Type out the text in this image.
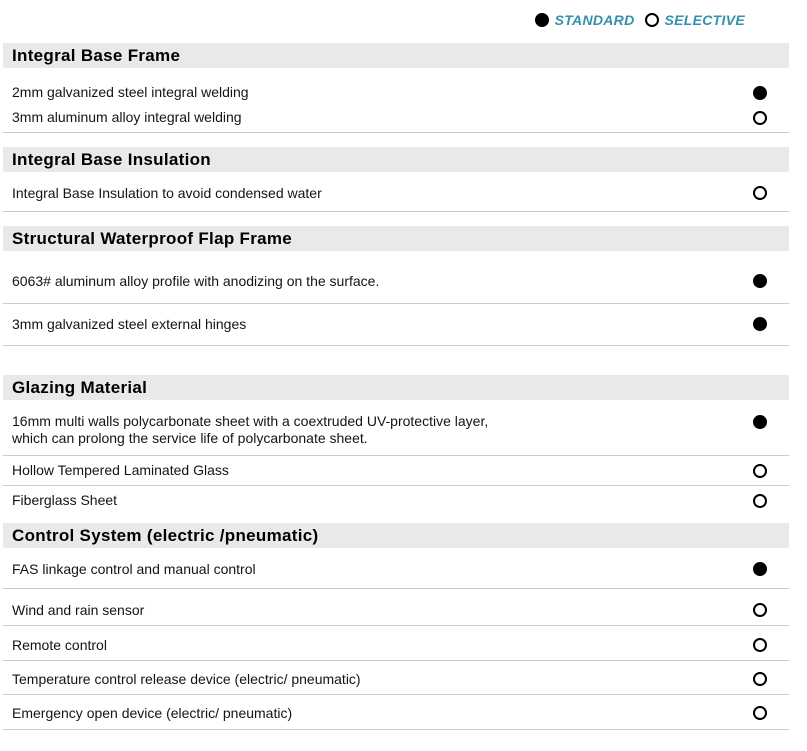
STANDARD SELECTIVE
Integral Base Frame
2mm galvanized steel integral welding
3mm aluminum alloy integral welding
Integral Base Insulation
Integral Base Insulation to avoid condensed water
Structural Waterproof Flap Frame
6063# aluminum alloy profile with anodizing on the surface.
3mm galvanized steel external hinges
Glazing Material
16mm multi walls polycarbonate sheet with a coextruded UV-protective layer,
which can prolong the service life of polycarbonate sheet.
Hollow Tempered Laminated Glass
Fiberglass Sheet
Control System (electric /pneumatic)
FAS linkage control and manual control
Wind and rain sensor
Remote control
Temperature control release device (electric/ pneumatic)
Emergency open device (electric/ pneumatic)
